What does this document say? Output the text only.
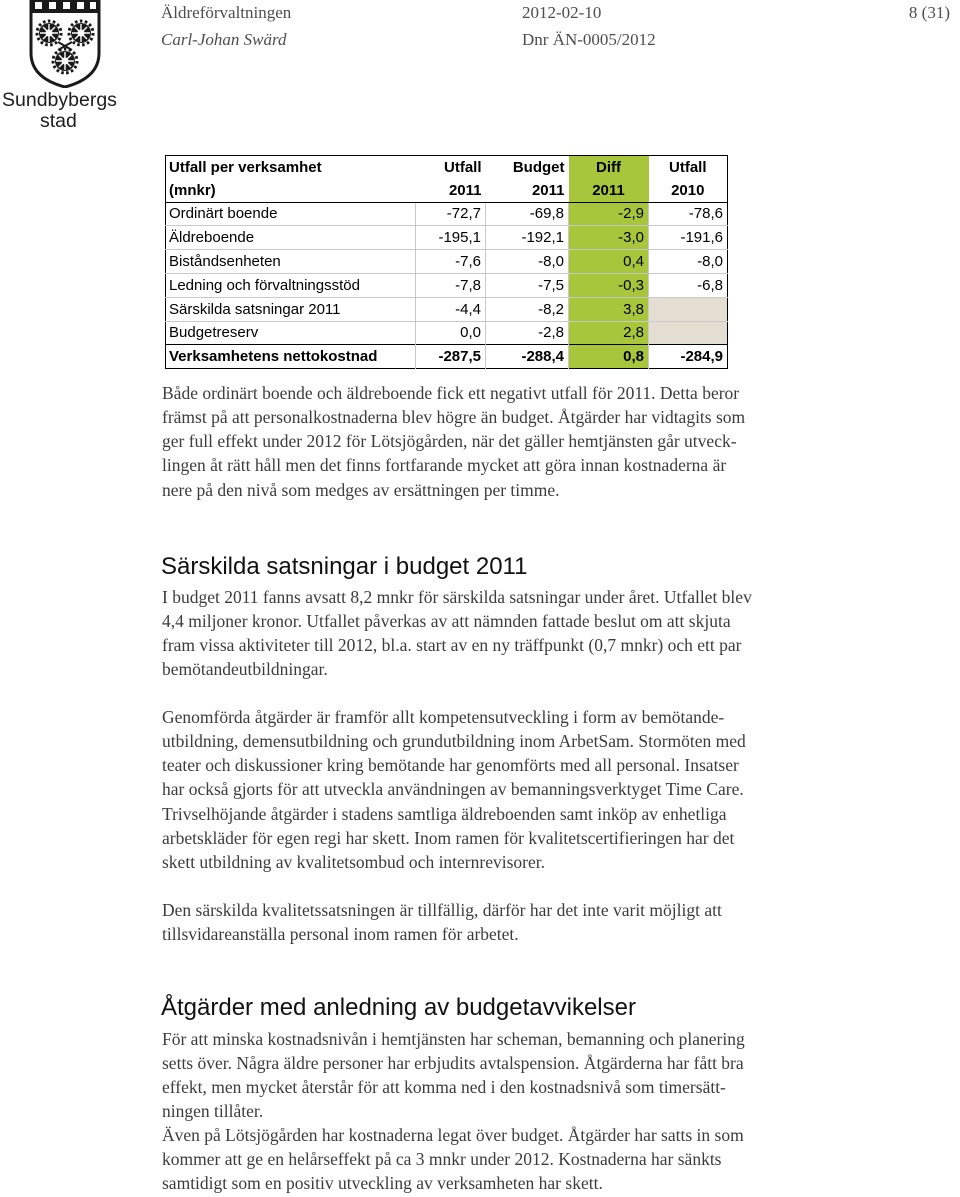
Sundbybergs
stad
Äldreförvaltningen
Carl-Johan Swärd
2012-02-10
Dnr ÄN-0005/2012
8 (31)
Utfall per verksamhet	Utfall	Budget	Diff	Utfall
(mnkr)	2011	2011	2011	2010
Ordinärt boende	-72,7	-69,8	-2,9	-78,6
Äldreboende	-195,1	-192,1	-3,0	-191,6
Biståndsenheten	-7,6	-8,0	0,4	-8,0
Ledning och förvaltningsstöd	-7,8	-7,5	-0,3	-6,8
Särskilda satsningar 2011	-4,4	-8,2	3,8	
Budgetreserv	0,0	-2,8	2,8	
Verksamhetens nettokostnad	-287,5	-288,4	0,8	-284,9
Både ordinärt boende och äldreboende fick ett negativt utfall för 2011. Detta beror
främst på att personalkostnaderna blev högre än budget. Åtgärder har vidtagits som
ger full effekt under 2012 för Lötsjögården, när det gäller hemtjänsten går utveck-
lingen åt rätt håll men det finns fortfarande mycket att göra innan kostnaderna är
nere på den nivå som medges av ersättningen per timme.
Särskilda satsningar i budget 2011
I budget 2011 fanns avsatt 8,2 mnkr för särskilda satsningar under året. Utfallet blev
4,4 miljoner kronor. Utfallet påverkas av att nämnden fattade beslut om att skjuta
fram vissa aktiviteter till 2012, bl.a. start av en ny träffpunkt (0,7 mnkr) och ett par
bemötandeutbildningar.
Genomförda åtgärder är framför allt kompetensutveckling i form av bemötande-
utbildning, demensutbildning och grundutbildning inom ArbetSam. Stormöten med
teater och diskussioner kring bemötande har genomförts med all personal. Insatser
har också gjorts för att utveckla användningen av bemanningsverktyget Time Care.
Trivselhöjande åtgärder i stadens samtliga äldreboenden samt inköp av enhetliga
arbetskläder för egen regi har skett. Inom ramen för kvalitetscertifieringen har det
skett utbildning av kvalitetsombud och internrevisorer.
Den särskilda kvalitetssatsningen är tillfällig, därför har det inte varit möjligt att
tillsvidareanställa personal inom ramen för arbetet.
Åtgärder med anledning av budgetavvikelser
För att minska kostnadsnivån i hemtjänsten har scheman, bemanning och planering
setts över. Några äldre personer har erbjudits avtalspension. Åtgärderna har fått bra
effekt, men mycket återstår för att komma ned i den kostnadsnivå som timersätt-
ningen tillåter.
Även på Lötsjögården har kostnaderna legat över budget. Åtgärder har satts in som
kommer att ge en helårseffekt på ca 3 mnkr under 2012. Kostnaderna har sänkts
samtidigt som en positiv utveckling av verksamheten har skett.
